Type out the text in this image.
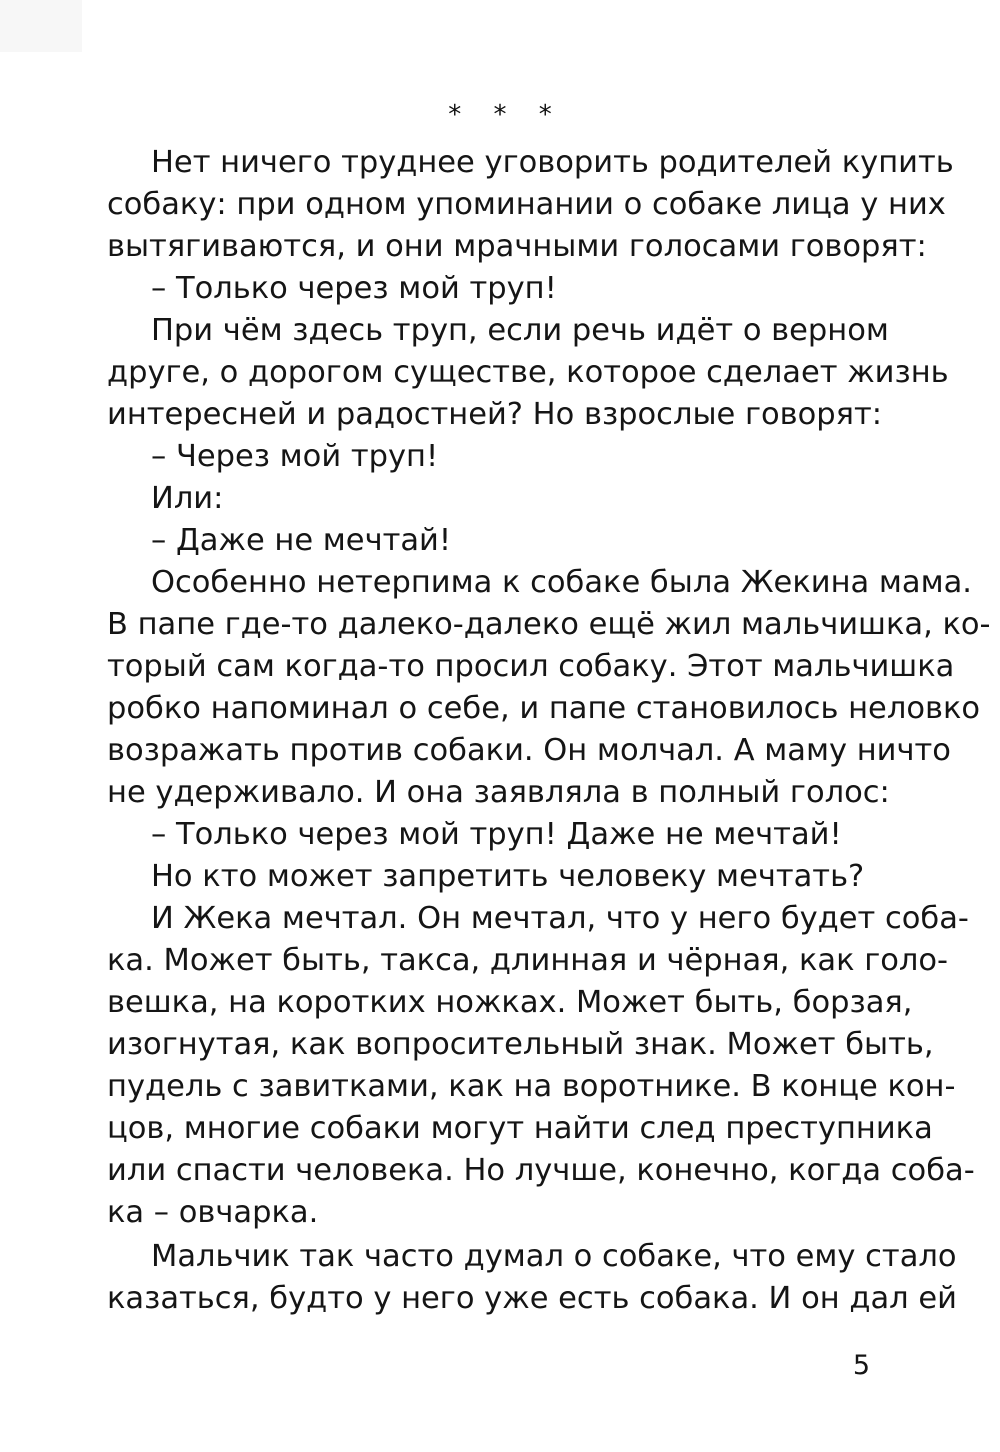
* * *
Нет ничего труднее уговорить родителей купить
собаку: при одном упоминании о собаке лица у них
вытягиваются, и они мрачными голосами говорят:
– Только через мой труп!
При чём здесь труп, если речь идёт о верном
друге, о дорогом существе, которое сделает жизнь
интересней и радостней? Но взрослые говорят:
– Через мой труп!
Или:
– Даже не мечтай!
Особенно нетерпима к собаке была Жекина мама.
В папе где-то далеко-далеко ещё жил мальчишка, ко-
торый сам когда-то просил собаку. Этот мальчишка
робко напоминал о себе, и папе становилось неловко
возражать против собаки. Он молчал. А маму ничто
не удерживало. И она заявляла в полный голос:
– Только через мой труп! Даже не мечтай!
Но кто может запретить человеку мечтать?
И Жека мечтал. Он мечтал, что у него будет соба-
ка. Может быть, такса, длинная и чёрная, как голо-
вешка, на коротких ножках. Может быть, борзая,
изогнутая, как вопросительный знак. Может быть,
пудель с завитками, как на воротнике. В конце кон-
цов, многие собаки могут найти след преступника
или спасти человека. Но лучше, конечно, когда соба-
ка – овчарка.
Мальчик так часто думал о собаке, что ему стало
казаться, будто у него уже есть собака. И он дал ей
5
